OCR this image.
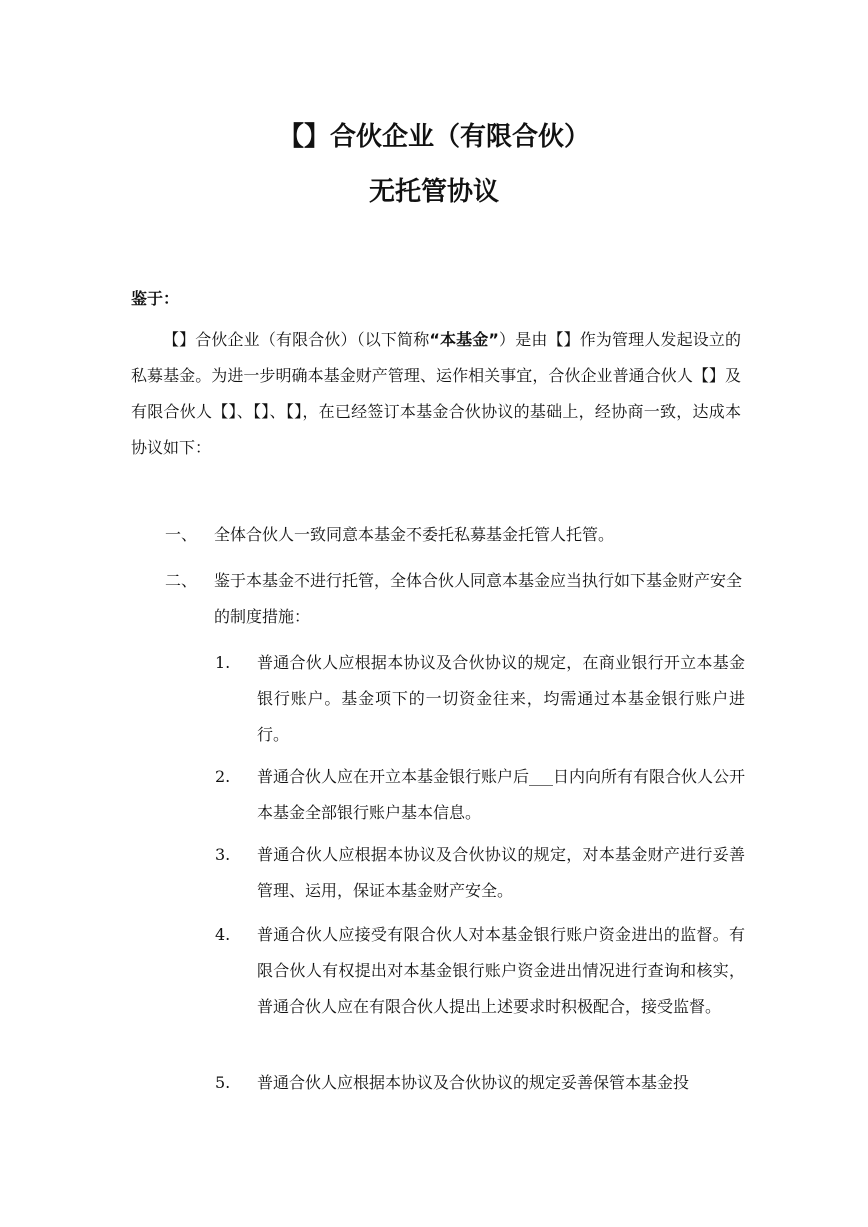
【】合伙企业（有限合伙）
无托管协议
鉴于：
【】合伙企业（有限合伙）（以下简称“本基金”）是由【】作为管理人发起设立的私募基金。为进一步明确本基金财产管理、运作相关事宜，合伙企业普通合伙人【】及有限合伙人【】、【】、【】，在已经签订本基金合伙协议的基础上，经协商一致，达成本协议如下：
一、 全体合伙人一致同意本基金不委托私募基金托管人托管。
二、 鉴于本基金不进行托管，全体合伙人同意本基金应当执行如下基金财产安全的制度措施：
1. 普通合伙人应根据本协议及合伙协议的规定，在商业银行开立本基金银行账户。基金项下的一切资金往来，均需通过本基金银行账户进行。
2. 普通合伙人应在开立本基金银行账户后___日内向所有有限合伙人公开本基金全部银行账户基本信息。
3. 普通合伙人应根据本协议及合伙协议的规定，对本基金财产进行妥善管理、运用，保证本基金财产安全。
4. 普通合伙人应接受有限合伙人对本基金银行账户资金进出的监督。有限合伙人有权提出对本基金银行账户资金进出情况进行查询和核实，普通合伙人应在有限合伙人提出上述要求时积极配合，接受监督。
5. 普通合伙人应根据本协议及合伙协议的规定妥善保管本基金投
